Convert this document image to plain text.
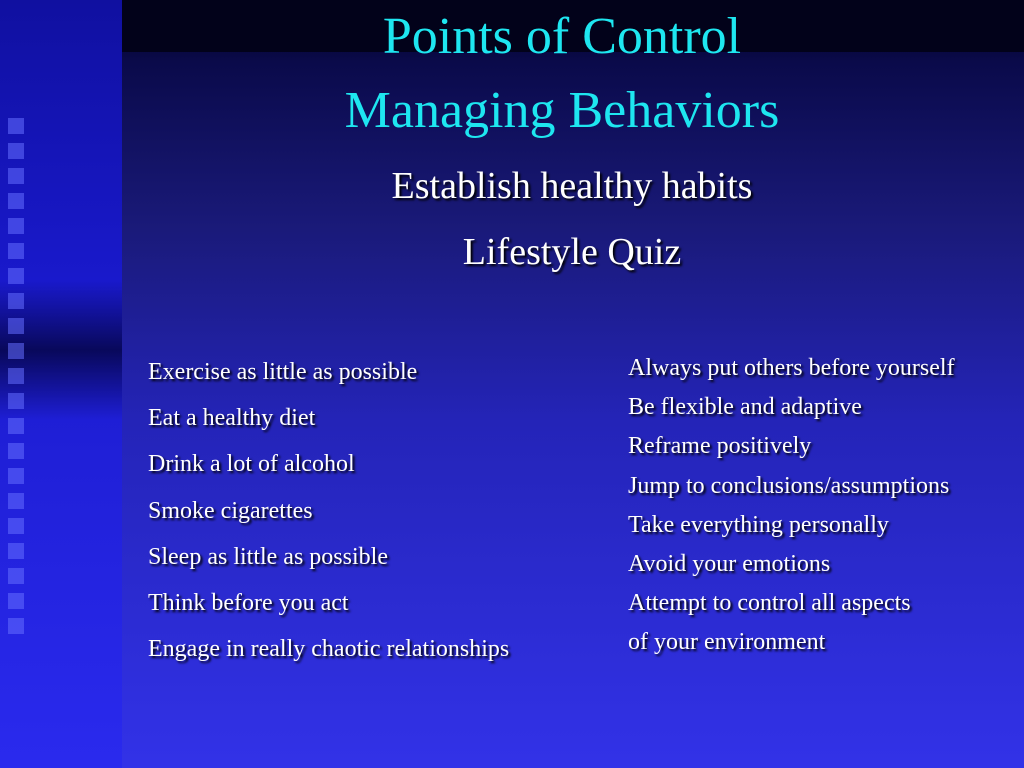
Points of Control
Managing Behaviors
Establish healthy habits
Lifestyle Quiz
Exercise as little as possible
Eat a healthy diet
Drink a lot of alcohol
Smoke cigarettes
Sleep as little as possible
Think before you act
Engage in really chaotic relationships
Always put others before yourself
Be flexible and adaptive
Reframe positively
Jump to conclusions/assumptions
Take everything personally
Avoid your emotions
Attempt to control all aspects
of your environment
